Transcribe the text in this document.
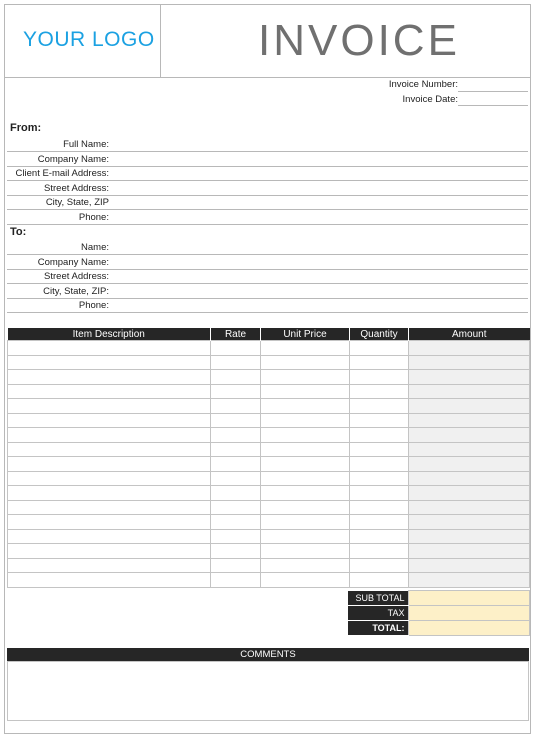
YOUR LOGO INVOICE
Invoice Number:
Invoice Date:
From:
Full Name:
Company Name:
Client E-mail Address:
Street Address:
City, State, ZIP
Phone:
To:
Name:
Company Name:
Street Address:
City, State, ZIP:
Phone:
Item Description	Rate	Unit Price	Quantity	Amount

SUB TOTAL	
TAX	
TOTAL:	
COMMENTS
